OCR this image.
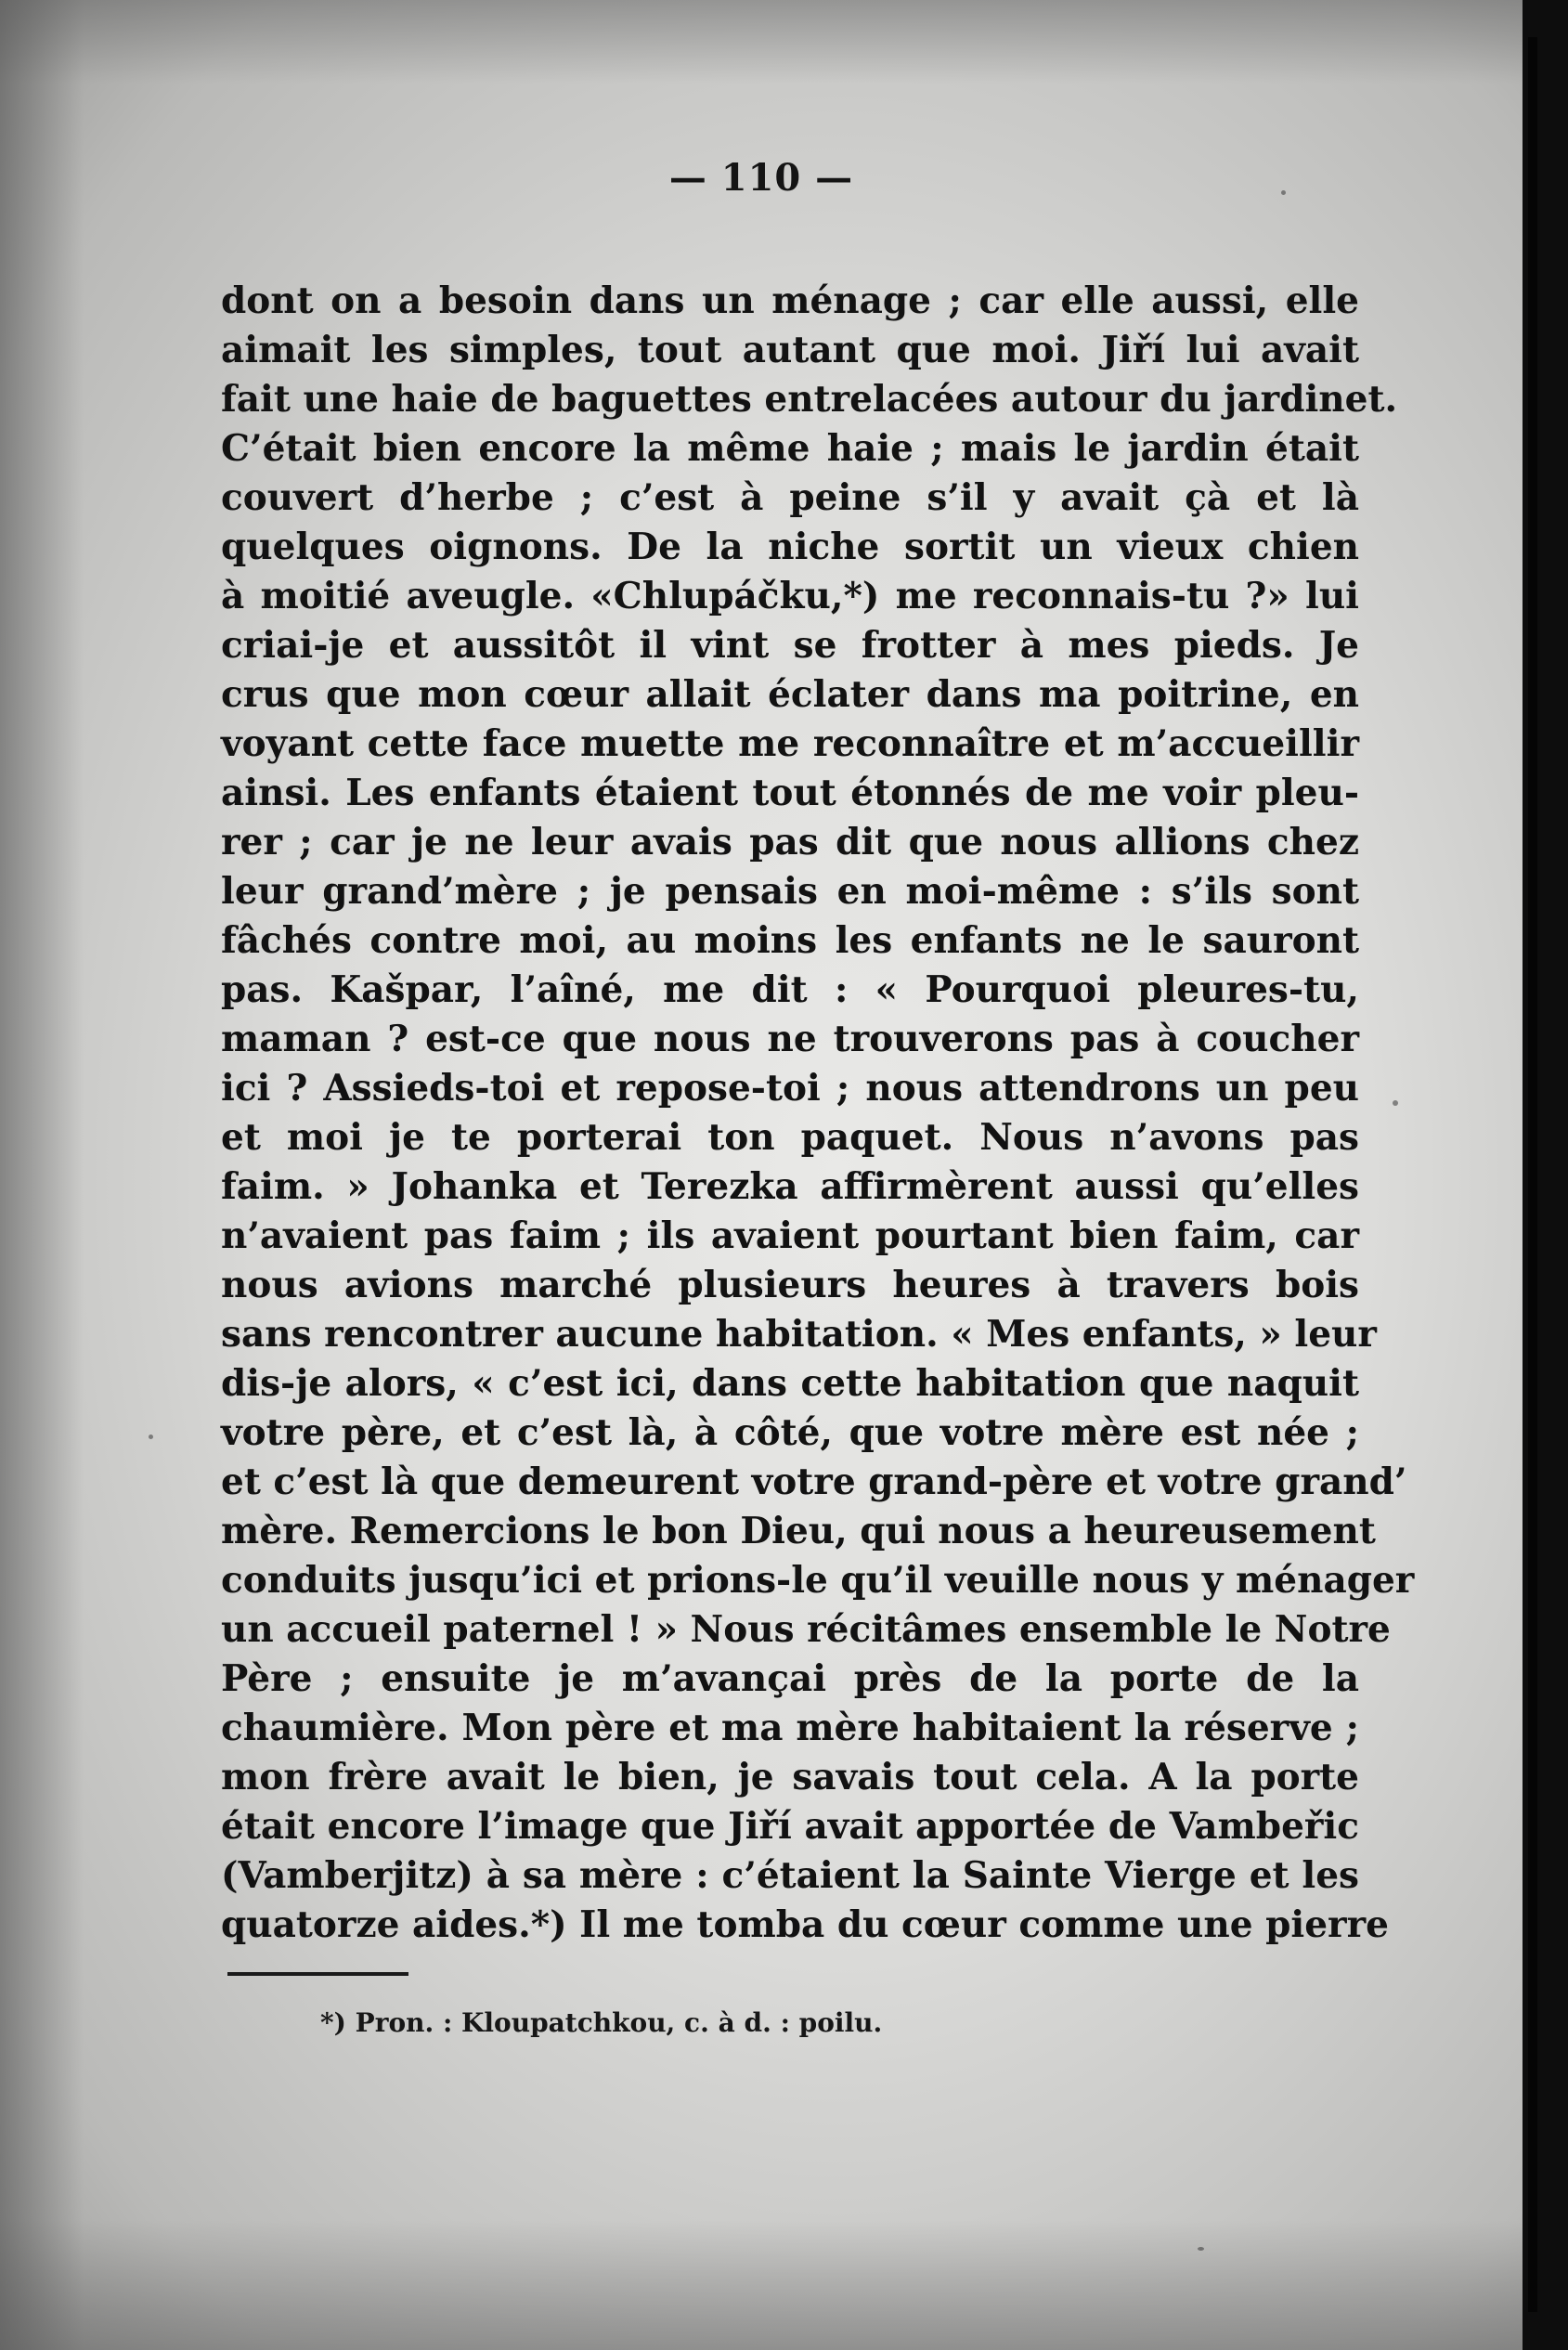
— 110 —
dont on a besoin dans un ménage ; car elle aussi, elle
aimait les simples, tout autant que moi. Jiří lui avait
fait une haie de baguettes entrelacées autour du jardinet.
C’était bien encore la même haie ; mais le jardin était
couvert d’herbe ; c’est à peine s’il y avait çà et là
quelques oignons. De la niche sortit un vieux chien
à moitié aveugle. «Chlupáčku,*) me reconnais-tu ?» lui
criai-je et aussitôt il vint se frotter à mes pieds. Je
crus que mon cœur allait éclater dans ma poitrine, en
voyant cette face muette me reconnaître et m’accueillir
ainsi. Les enfants étaient tout étonnés de me voir pleu-
rer ; car je ne leur avais pas dit que nous allions chez
leur grand’mère ; je pensais en moi-même : s’ils sont
fâchés contre moi, au moins les enfants ne le sauront
pas. Kašpar, l’aîné, me dit : « Pourquoi pleures-tu,
maman ? est-ce que nous ne trouverons pas à coucher
ici ? Assieds-toi et repose-toi ; nous attendrons un peu
et moi je te porterai ton paquet. Nous n’avons pas
faim. » Johanka et Terezka affirmèrent aussi qu’elles
n’avaient pas faim ; ils avaient pourtant bien faim, car
nous avions marché plusieurs heures à travers bois
sans rencontrer aucune habitation. « Mes enfants, » leur
dis-je alors, « c’est ici, dans cette habitation que naquit
votre père, et c’est là, à côté, que votre mère est née ;
et c’est là que demeurent votre grand-père et votre grand’
mère. Remercions le bon Dieu, qui nous a heureusement
conduits jusqu’ici et prions-le qu’il veuille nous y ménager
un accueil paternel ! » Nous récitâmes ensemble le Notre
Père ; ensuite je m’avançai près de la porte de la
chaumière. Mon père et ma mère habitaient la réserve ;
mon frère avait le bien, je savais tout cela. A la porte
était encore l’image que Jiří avait apportée de Vambeřic
(Vamberjitz) à sa mère : c’étaient la Sainte Vierge et les
quatorze aides.*) Il me tomba du cœur comme une pierre
*) Pron. : Kloupatchkou, c. à d. : poilu.
